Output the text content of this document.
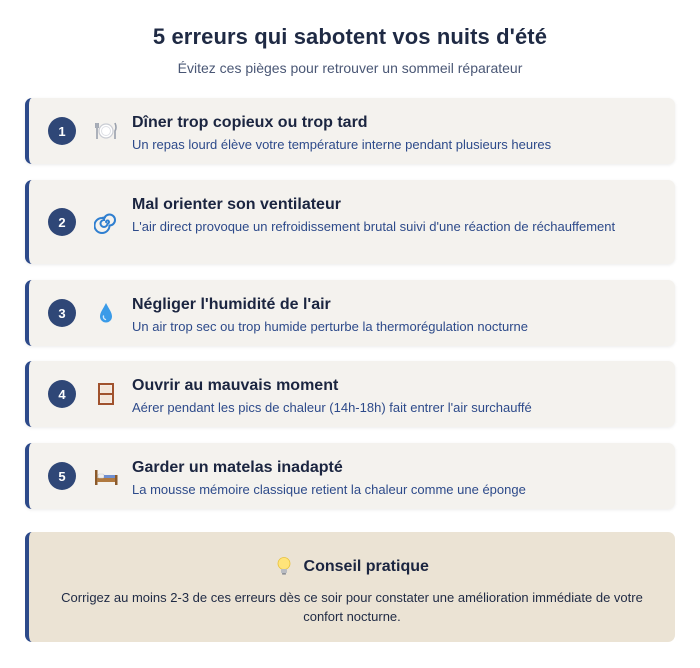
5 erreurs qui sabotent vos nuits d'été

Évitez ces pièges pour retrouver un sommeil réparateur

1	Dîner trop copieux ou trop tard
Un repas lourd élève votre température interne pendant plusieurs heures
2
Mal orienter son ventilateur
L'air direct provoque un refroidissement brutal suivi d'une réaction de réchauffement
3	Négliger l'humidité de l'air
Un air trop sec ou trop humide perturbe la thermorégulation nocturne
4	Ouvrir au mauvais moment
Aérer pendant les pics de chaleur (14h-18h) fait entrer l'air surchauffé
5	Garder un matelas inadapté
La mousse mémoire classique retient la chaleur comme une éponge
Conseil pratique

Corrigez au moins 2-3 de ces erreurs dès ce soir pour constater une amélioration immédiate de votre confort nocturne.
